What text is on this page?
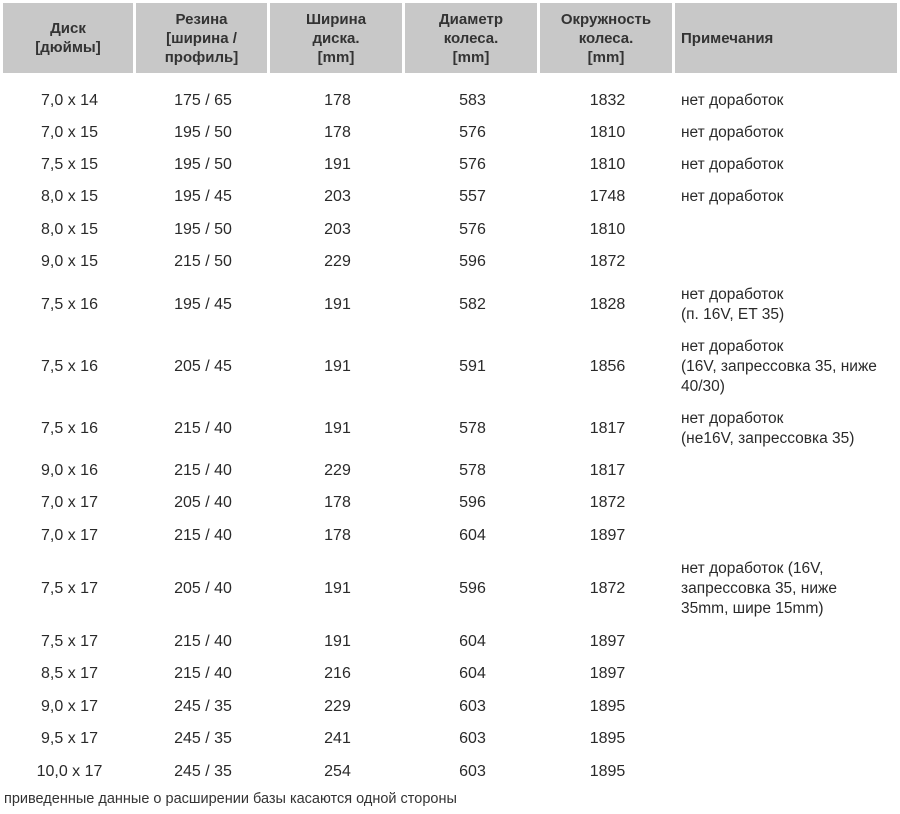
Диск
[дюймы]	Резина
[ширина /
профиль]	Ширина
диска.
[mm]	Диаметр
колеса.
[mm]	Окружность
колеса.
[mm]	Примечания

7,0 x 14	175 / 65	178	583	1832	нет доработок
7,0 x 15	195 / 50	178	576	1810	нет доработок
7,5 x 15	195 / 50	191	576	1810	нет доработок
8,0 x 15	195 / 45	203	557	1748	нет доработок
8,0 x 15	195 / 50	203	576	1810	
9,0 x 15	215 / 50	229	596	1872	
7,5 x 16	195 / 45	191	582	1828	нет доработок
(п. 16V, ET 35)
7,5 x 16	205 / 45	191	591	1856	нет доработок
(16V, запрессовка 35, ниже
40/30)
7,5 x 16	215 / 40	191	578	1817	нет доработок
(не16V, запрессовка 35)
9,0 x 16	215 / 40	229	578	1817	
7,0 x 17	205 / 40	178	596	1872	
7,0 x 17	215 / 40	178	604	1897	
7,5 x 17	205 / 40	191	596	1872	нет доработок (16V,
запрессовка 35, ниже
35mm, шире 15mm)
7,5 x 17	215 / 40	191	604	1897	
8,5 x 17	215 / 40	216	604	1897	
9,0 x 17	245 / 35	229	603	1895	
9,5 x 17	245 / 35	241	603	1895	
10,0 x 17	245 / 35	254	603	1895	
приведенные данные о расширении базы касаются одной стороны
